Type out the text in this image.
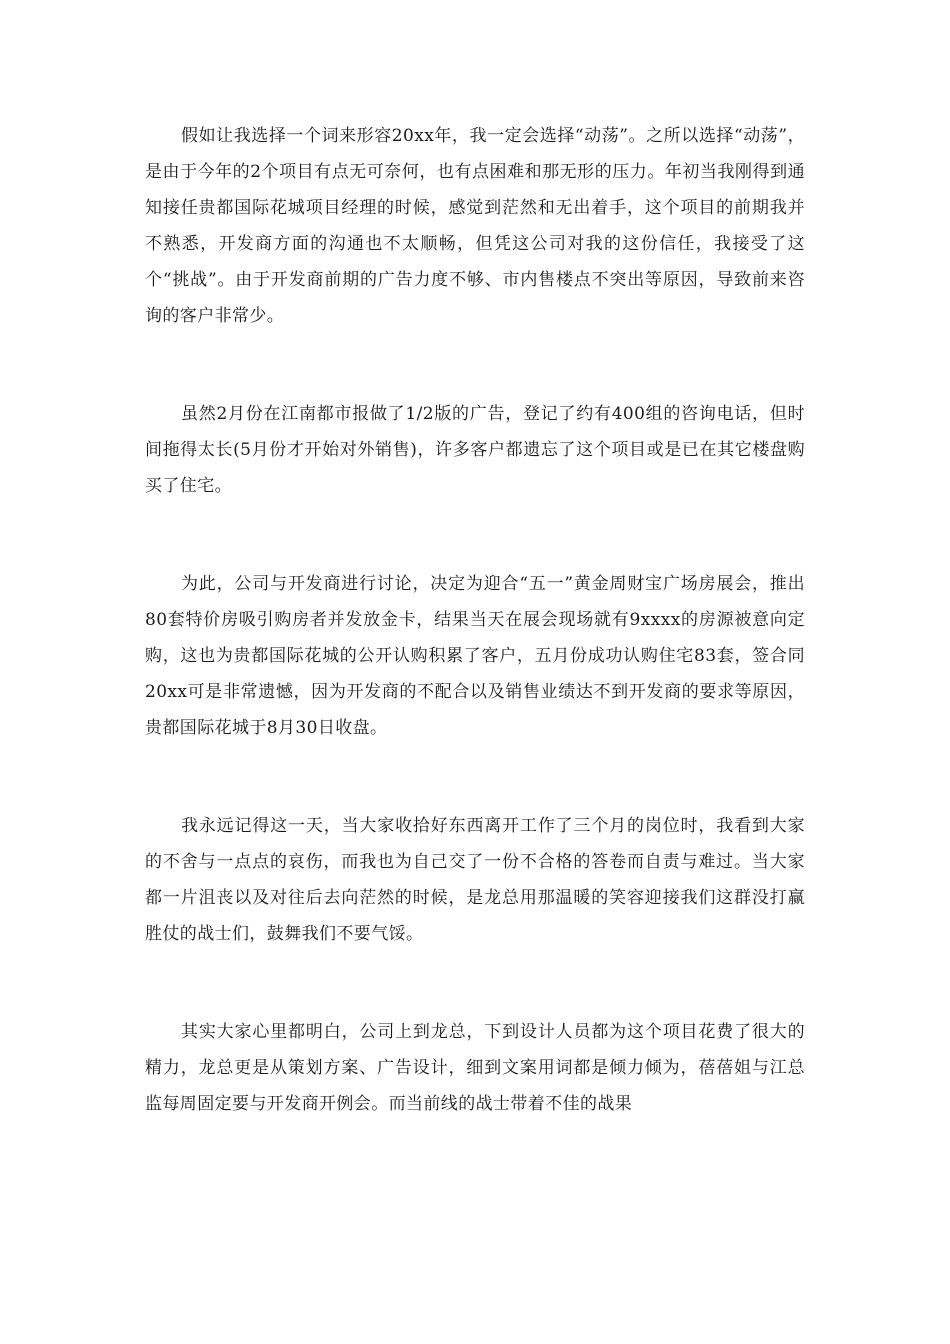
假如让我选择一个词来形容20xx年，我一定会选择“动荡”。之所以选择“动荡”，是由于今年的2个项目有点无可奈何，也有点困难和那无形的压力。年初当我刚得到通知接任贵都国际花城项目经理的时候，感觉到茫然和无出着手，这个项目的前期我并不熟悉，开发商方面的沟通也不太顺畅，但凭这公司对我的这份信任，我接受了这个“挑战”。由于开发商前期的广告力度不够、市内售楼点不突出等原因，导致前来咨询的客户非常少。

虽然2月份在江南都市报做了1/2版的广告，登记了约有400组的咨询电话，但时间拖得太长(5月份才开始对外销售)，许多客户都遗忘了这个项目或是已在其它楼盘购买了住宅。

为此，公司与开发商进行讨论，决定为迎合“五一”黄金周财宝广场房展会，推出80套特价房吸引购房者并发放金卡，结果当天在展会现场就有9xxxx的房源被意向定购，这也为贵都国际花城的公开认购积累了客户，五月份成功认购住宅83套，签合同20xx可是非常遗憾，因为开发商的不配合以及销售业绩达不到开发商的要求等原因，贵都国际花城于8月30日收盘。

我永远记得这一天，当大家收拾好东西离开工作了三个月的岗位时，我看到大家的不舍与一点点的哀伤，而我也为自己交了一份不合格的答卷而自责与难过。当大家都一片沮丧以及对往后去向茫然的时候，是龙总用那温暖的笑容迎接我们这群没打赢胜仗的战士们，鼓舞我们不要气馁。

其实大家心里都明白，公司上到龙总，下到设计人员都为这个项目花费了很大的精力，龙总更是从策划方案、广告设计，细到文案用词都是倾力倾为，蓓蓓姐与江总监每周固定要与开发商开例会。而当前线的战士带着不佳的战果
